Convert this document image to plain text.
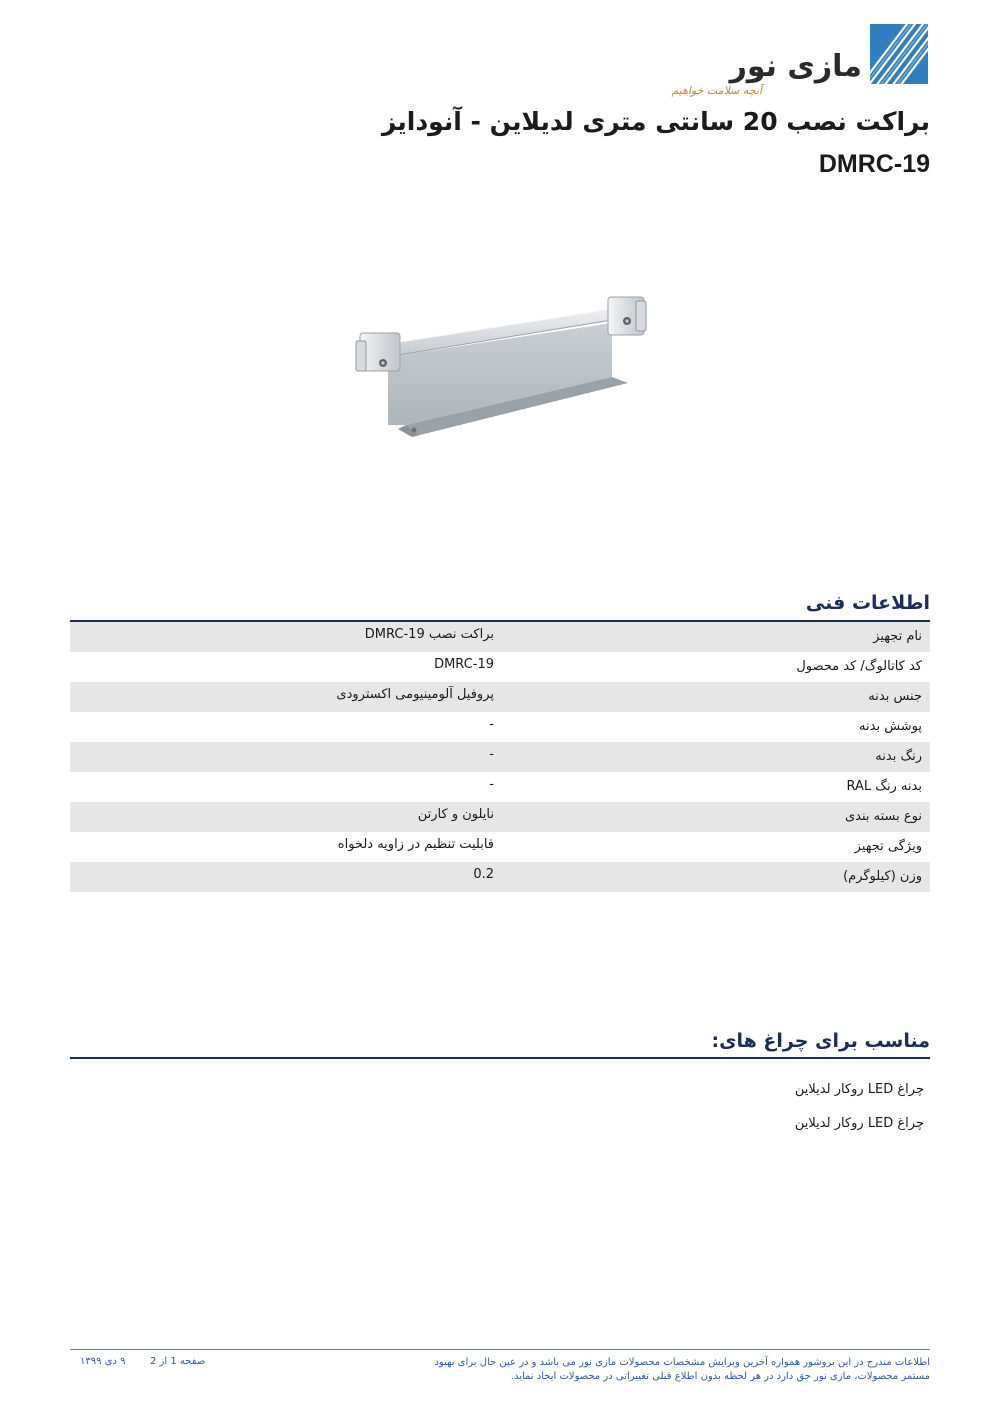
مازی نور
آنچه سلامت خواهیم
براکت نصب 20 سانتی متری لدیلاین - آنودایز
DMRC-19
اطلاعات فنی
نام تجهیز
براکت نصب DMRC-19
کد کاتالوگ/ کد محصول
DMRC-19
جنس بدنه
پروفیل آلومینیومی اکسترودی
پوشش بدنه
-
رنگ بدنه
-
بدنه رنگ RAL
-
نوع بسته بندی
نایلون و کارتن
ویژگی تجهیز
قابلیت تنظیم در زاویه دلخواه
وزن (کیلوگرم)
0.2
مناسب برای چراغ های:
چراغ LED روکار لدیلاین
چراغ LED روکار لدیلاین
اطلاعات مندرج در این بروشور همواره آخرین ویرایش مشخصات محصولات مازی نور می باشد و در عین حال برای بهبود مستمر محصولات، مازی نور حق دارد در هر لحظه بدون اطلاع قبلی تغییراتی در محصولات ایجاد نماید.
صفحه 1 از 2
۹ دی ۱۳۹۹
